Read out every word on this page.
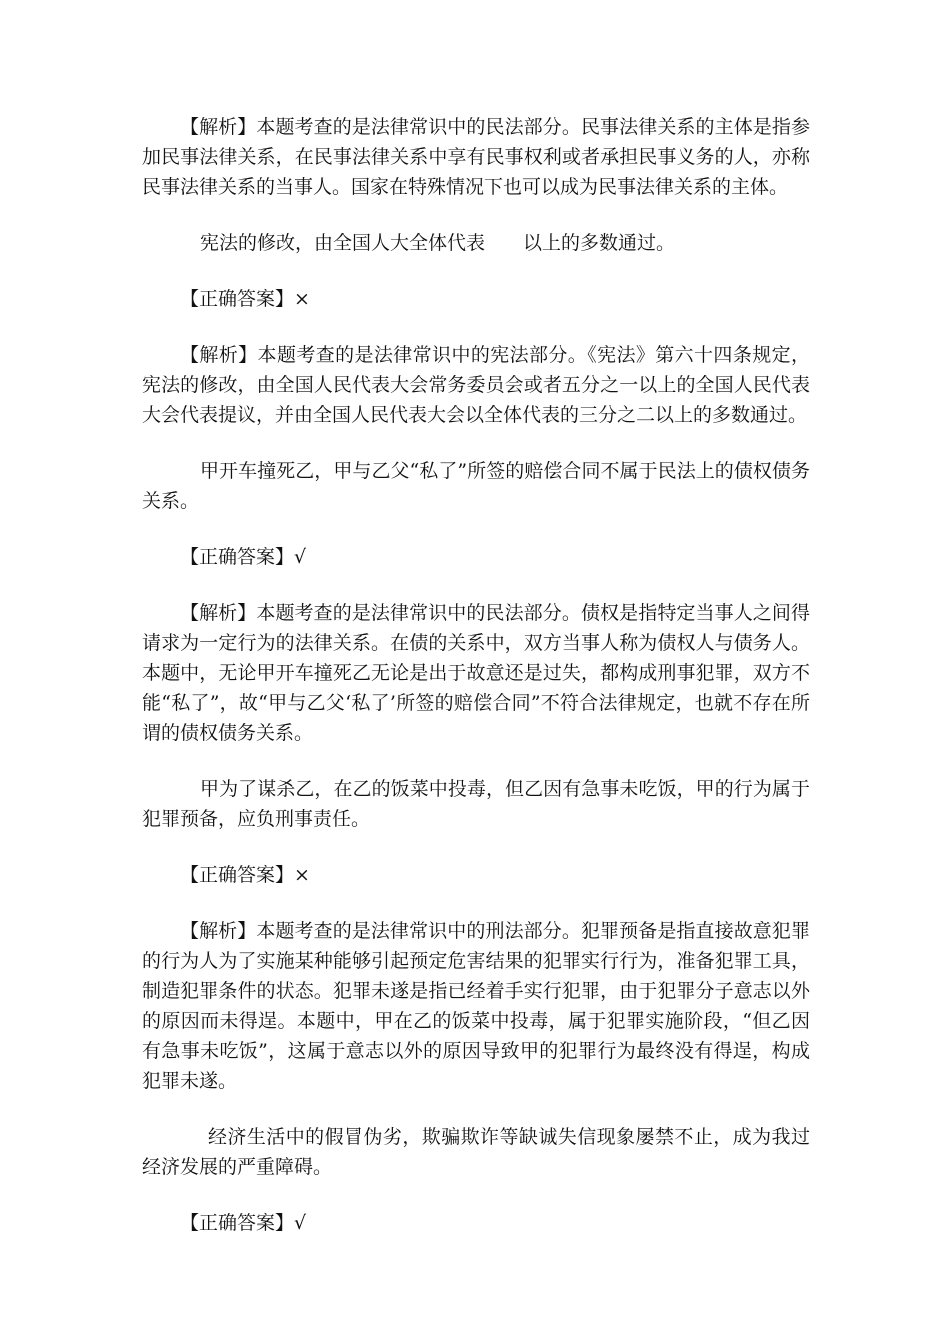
【解析】本题考查的是法律常识中的民法部分。民事法律关系的主体是指参加民事法律关系，在民事法律关系中享有民事权利或者承担民事义务的人，亦称民事法律关系的当事人。国家在特殊情况下也可以成为民事法律关系的主体。

宪法的修改，由全国人大全体代表　　以上的多数通过。

【正确答案】×

【解析】本题考查的是法律常识中的宪法部分。《宪法》第六十四条规定，宪法的修改，由全国人民代表大会常务委员会或者五分之一以上的全国人民代表大会代表提议，并由全国人民代表大会以全体代表的三分之二以上的多数通过。

甲开车撞死乙，甲与乙父“私了”所签的赔偿合同不属于民法上的债权债务关系。

【正确答案】√

【解析】本题考查的是法律常识中的民法部分。债权是指特定当事人之间得请求为一定行为的法律关系。在债的关系中，双方当事人称为债权人与债务人。本题中，无论甲开车撞死乙无论是出于故意还是过失，都构成刑事犯罪，双方不能“私了”，故“甲与乙父‘私了’所签的赔偿合同”不符合法律规定，也就不存在所谓的债权债务关系。

甲为了谋杀乙，在乙的饭菜中投毒，但乙因有急事未吃饭，甲的行为属于犯罪预备，应负刑事责任。

【正确答案】×

【解析】本题考查的是法律常识中的刑法部分。犯罪预备是指直接故意犯罪的行为人为了实施某种能够引起预定危害结果的犯罪实行行为，准备犯罪工具，制造犯罪条件的状态。犯罪未遂是指已经着手实行犯罪，由于犯罪分子意志以外的原因而未得逞。本题中，甲在乙的饭菜中投毒，属于犯罪实施阶段，“但乙因有急事未吃饭”，这属于意志以外的原因导致甲的犯罪行为最终没有得逞，构成犯罪未遂。

经济生活中的假冒伪劣，欺骗欺诈等缺诚失信现象屡禁不止，成为我过经济发展的严重障碍。

【正确答案】√
